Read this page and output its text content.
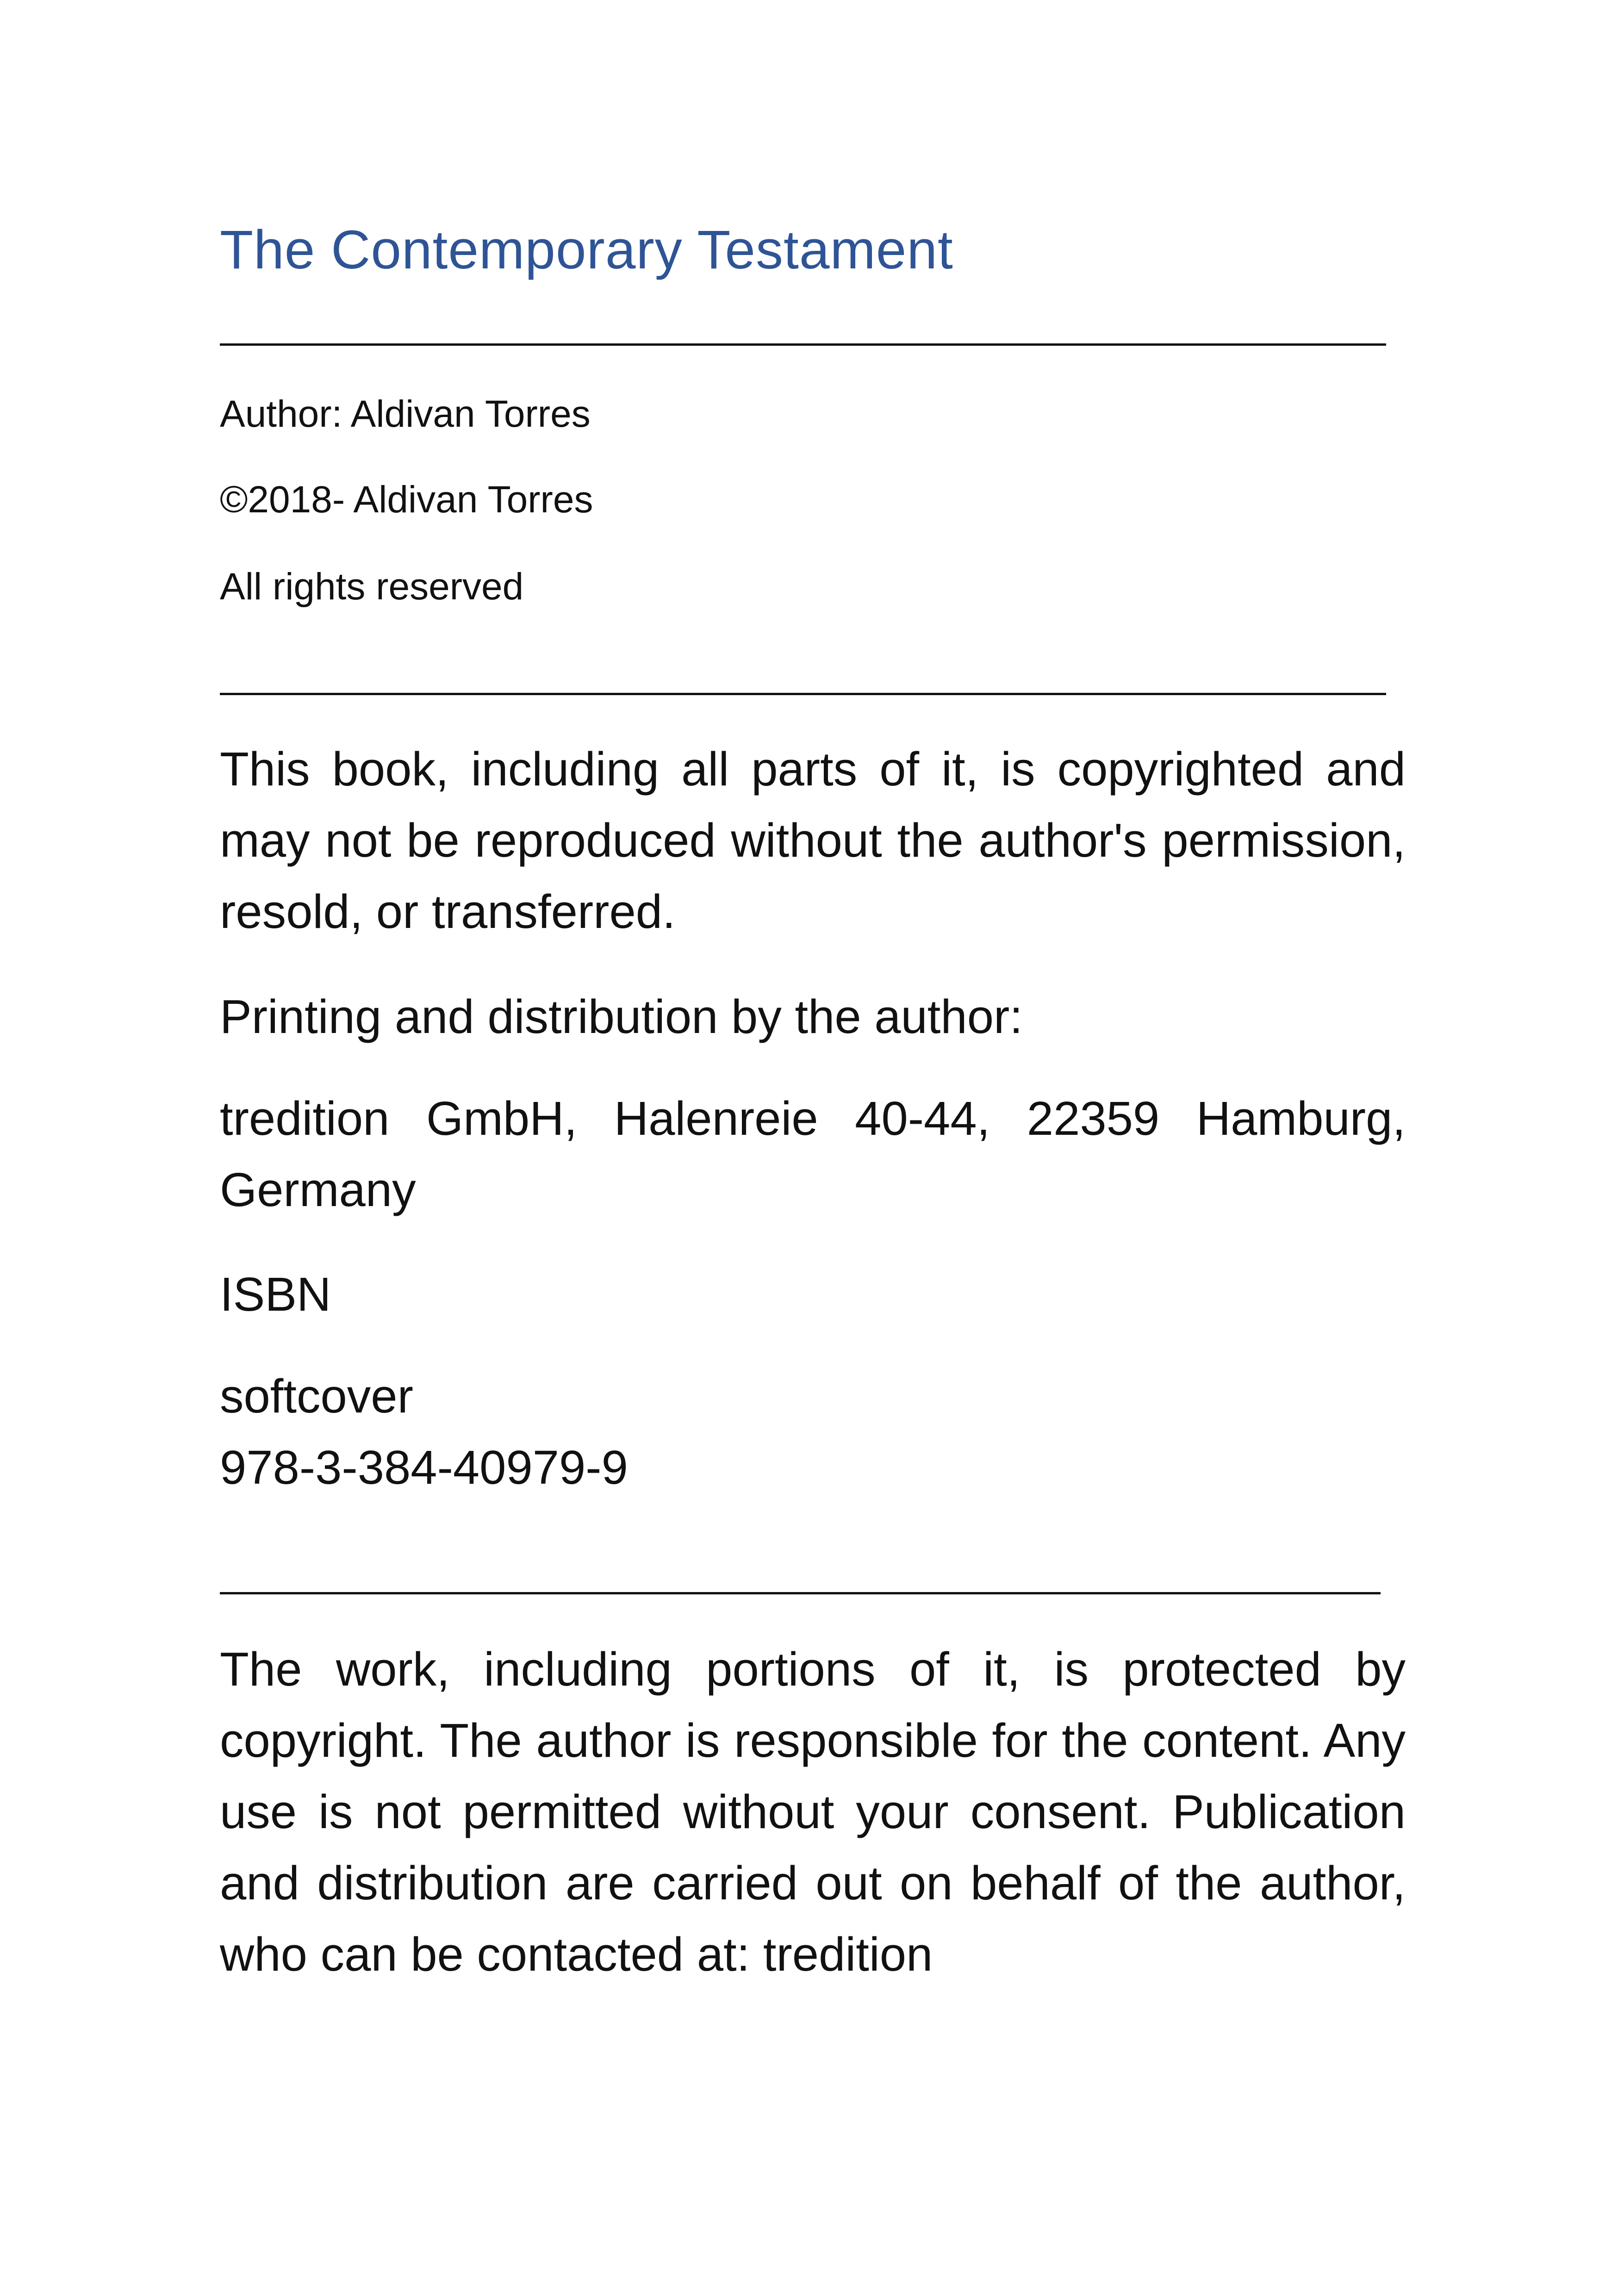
The Contemporary Testament
Author: Aldivan Torres
©2018- Aldivan Torres
All rights reserved
This book, including all parts of it, is copyrighted and may not be reproduced without the author's permission, resold, or transferred.
Printing and distribution by the author:
tredition GmbH, Halenreie 40-44, 22359 Hamburg, Germany
ISBN
softcover
978-3-384-40979-9
The work, including portions of it, is protected by copyright. The author is responsible for the content. Any use is not permitted without your consent. Publication and distribution are carried out on behalf of the author, who can be contacted at: tredition
